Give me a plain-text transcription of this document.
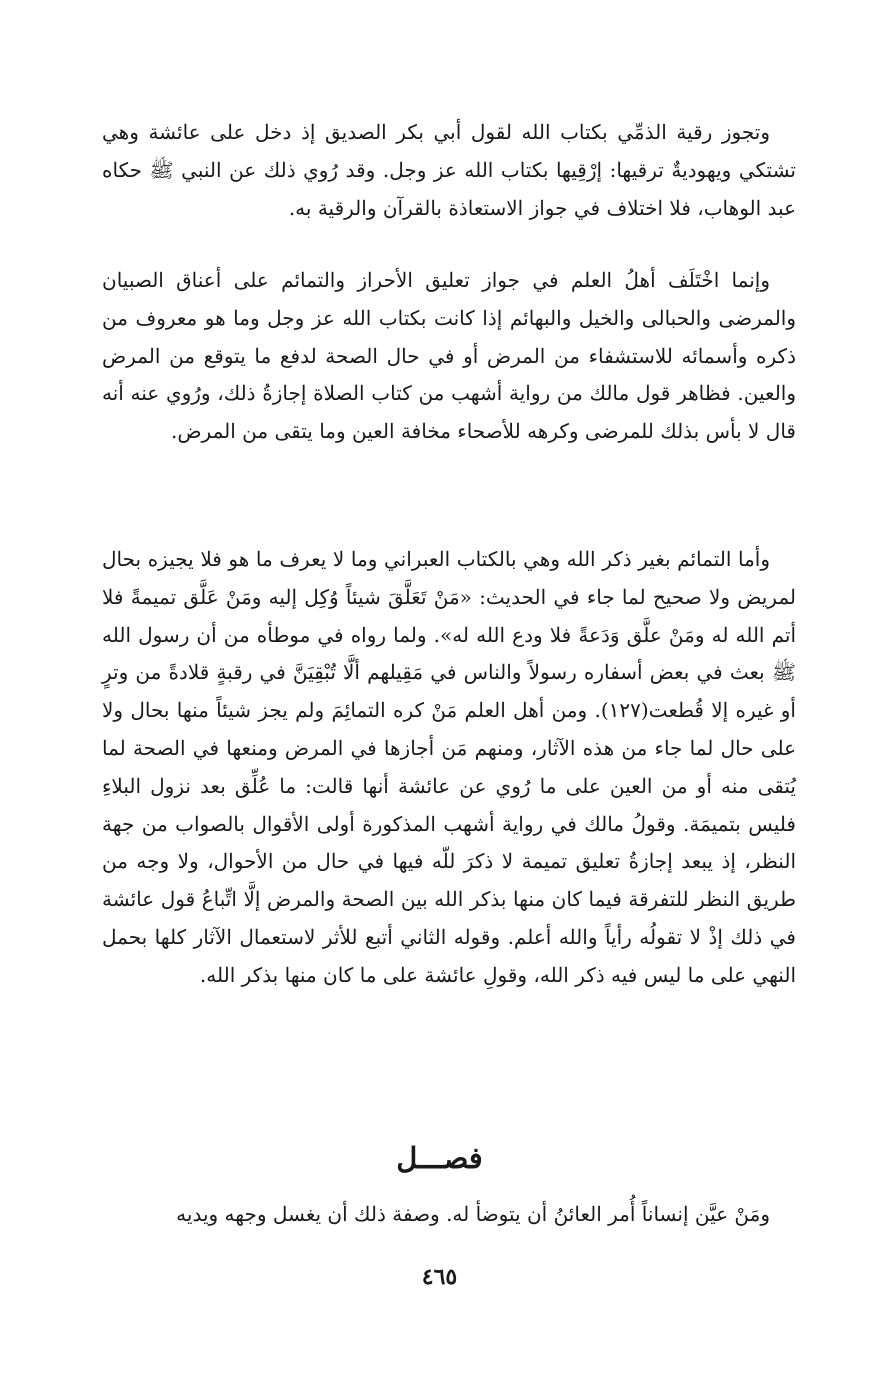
وتجوز رقية الذمِّي بكتاب الله لقول أبي بكر الصديق إذ دخل على عائشة وهي تشتكي ويهوديةٌ ترقيها: إرْقِيها بكتاب الله عز وجل. وقد رُوي ذلك عن النبي ﷺ حكاه عبد الوهاب، فلا اختلاف في جواز الاستعاذة بالقرآن والرقية به.

وإنما اخْتَلَف أهلُ العلم في جواز تعليق الأحراز والتمائم على أعناق الصبيان والمرضى والحبالى والخيل والبهائم إذا كانت بكتاب الله عز وجل وما هو معروف من ذكره وأسمائه للاستشفاء من المرض أو في حال الصحة لدفع ما يتوقع من المرض والعين. فظاهر قول مالك من رواية أشهب من كتاب الصلاة إجازةُ ذلك، ورُوي عنه أنه قال لا بأس بذلك للمرضى وكرهه للأصحاء مخافة العين وما يتقى من المرض.

وأما التمائم بغير ذكر الله وهي بالكتاب العبراني وما لا يعرف ما هو فلا يجيزه بحال لمريض ولا صحيح لما جاء في الحديث: «مَنْ تَعَلَّقَ شيئاً وُكِل إليه ومَنْ عَلَّق تميمةً فلا أتم الله له ومَنْ علَّق وَدَعةً فلا ودع الله له». ولما رواه في موطأه من أن رسول الله ﷺ بعث في بعض أسفاره رسولاً والناس في مَقِيلهم ألَّا تُبْقِيَنَّ في رقبةٍ قلادةً من وترٍ أو غيره إلا قُطعت(١٢٧). ومن أهل العلم مَنْ كره التمائِمَ ولم يجز شيئاً منها بحال ولا على حال لما جاء من هذه الآثار، ومنهم مَن أجازها في المرض ومنعها في الصحة لما يُتقى منه أو من العين على ما رُوي عن عائشة أنها قالت: ما عُلِّق بعد نزول البلاءِ فليس بتميمَة. وقولُ مالك في رواية أشهب المذكورة أولى الأقوال بالصواب من جهة النظر، إذ يبعد إجازةُ تعليق تميمة لا ذكرَ للّه فيها في حال من الأحوال، ولا وجه من طريق النظر للتفرقة فيما كان منها بذكر الله بين الصحة والمرض إلَّا اتِّباعُ قول عائشة في ذلك إذْ لا تقولُه رأياً والله أعلم. وقوله الثاني أتبع للأثر لاستعمال الآثار كلها بحمل النهي على ما ليس فيه ذكر الله، وقولِ عائشة على ما كان منها بذكر الله.

فصـــل

ومَنْ عيَّن إنساناً أُمر العائنُ أن يتوضأ له. وصفة ذلك أن يغسل وجهه ويديه

٤٦٥
